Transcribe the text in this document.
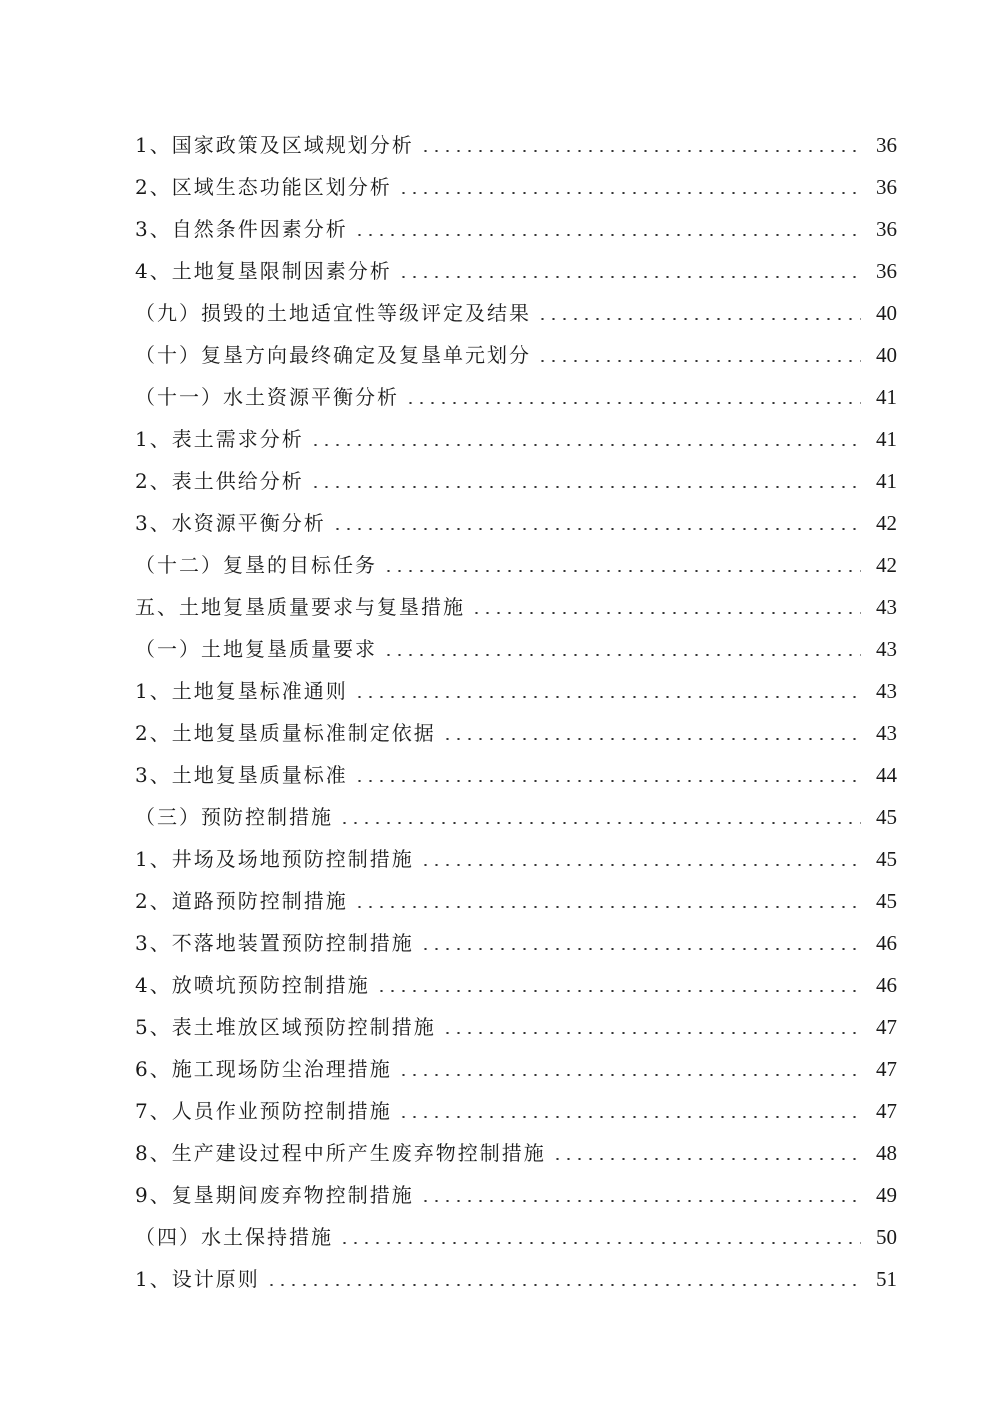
1、国家政策及区域规划分析	36
2、区域生态功能区划分析	36
3、自然条件因素分析	36
4、土地复垦限制因素分析	36
（九）损毁的土地适宜性等级评定及结果	40
（十）复垦方向最终确定及复垦单元划分	40
（十一）水土资源平衡分析	41
1、表土需求分析	41
2、表土供给分析	41
3、水资源平衡分析	42
（十二）复垦的目标任务	42
五、土地复垦质量要求与复垦措施	43
（一）土地复垦质量要求	43
1、土地复垦标准通则	43
2、土地复垦质量标准制定依据	43
3、土地复垦质量标准	44
（三）预防控制措施	45
1、井场及场地预防控制措施	45
2、道路预防控制措施	45
3、不落地装置预防控制措施	46
4、放喷坑预防控制措施	46
5、表土堆放区域预防控制措施	47
6、施工现场防尘治理措施	47
7、人员作业预防控制措施	47
8、生产建设过程中所产生废弃物控制措施	48
9、复垦期间废弃物控制措施	49
（四）水土保持措施	50
1、设计原则	51
